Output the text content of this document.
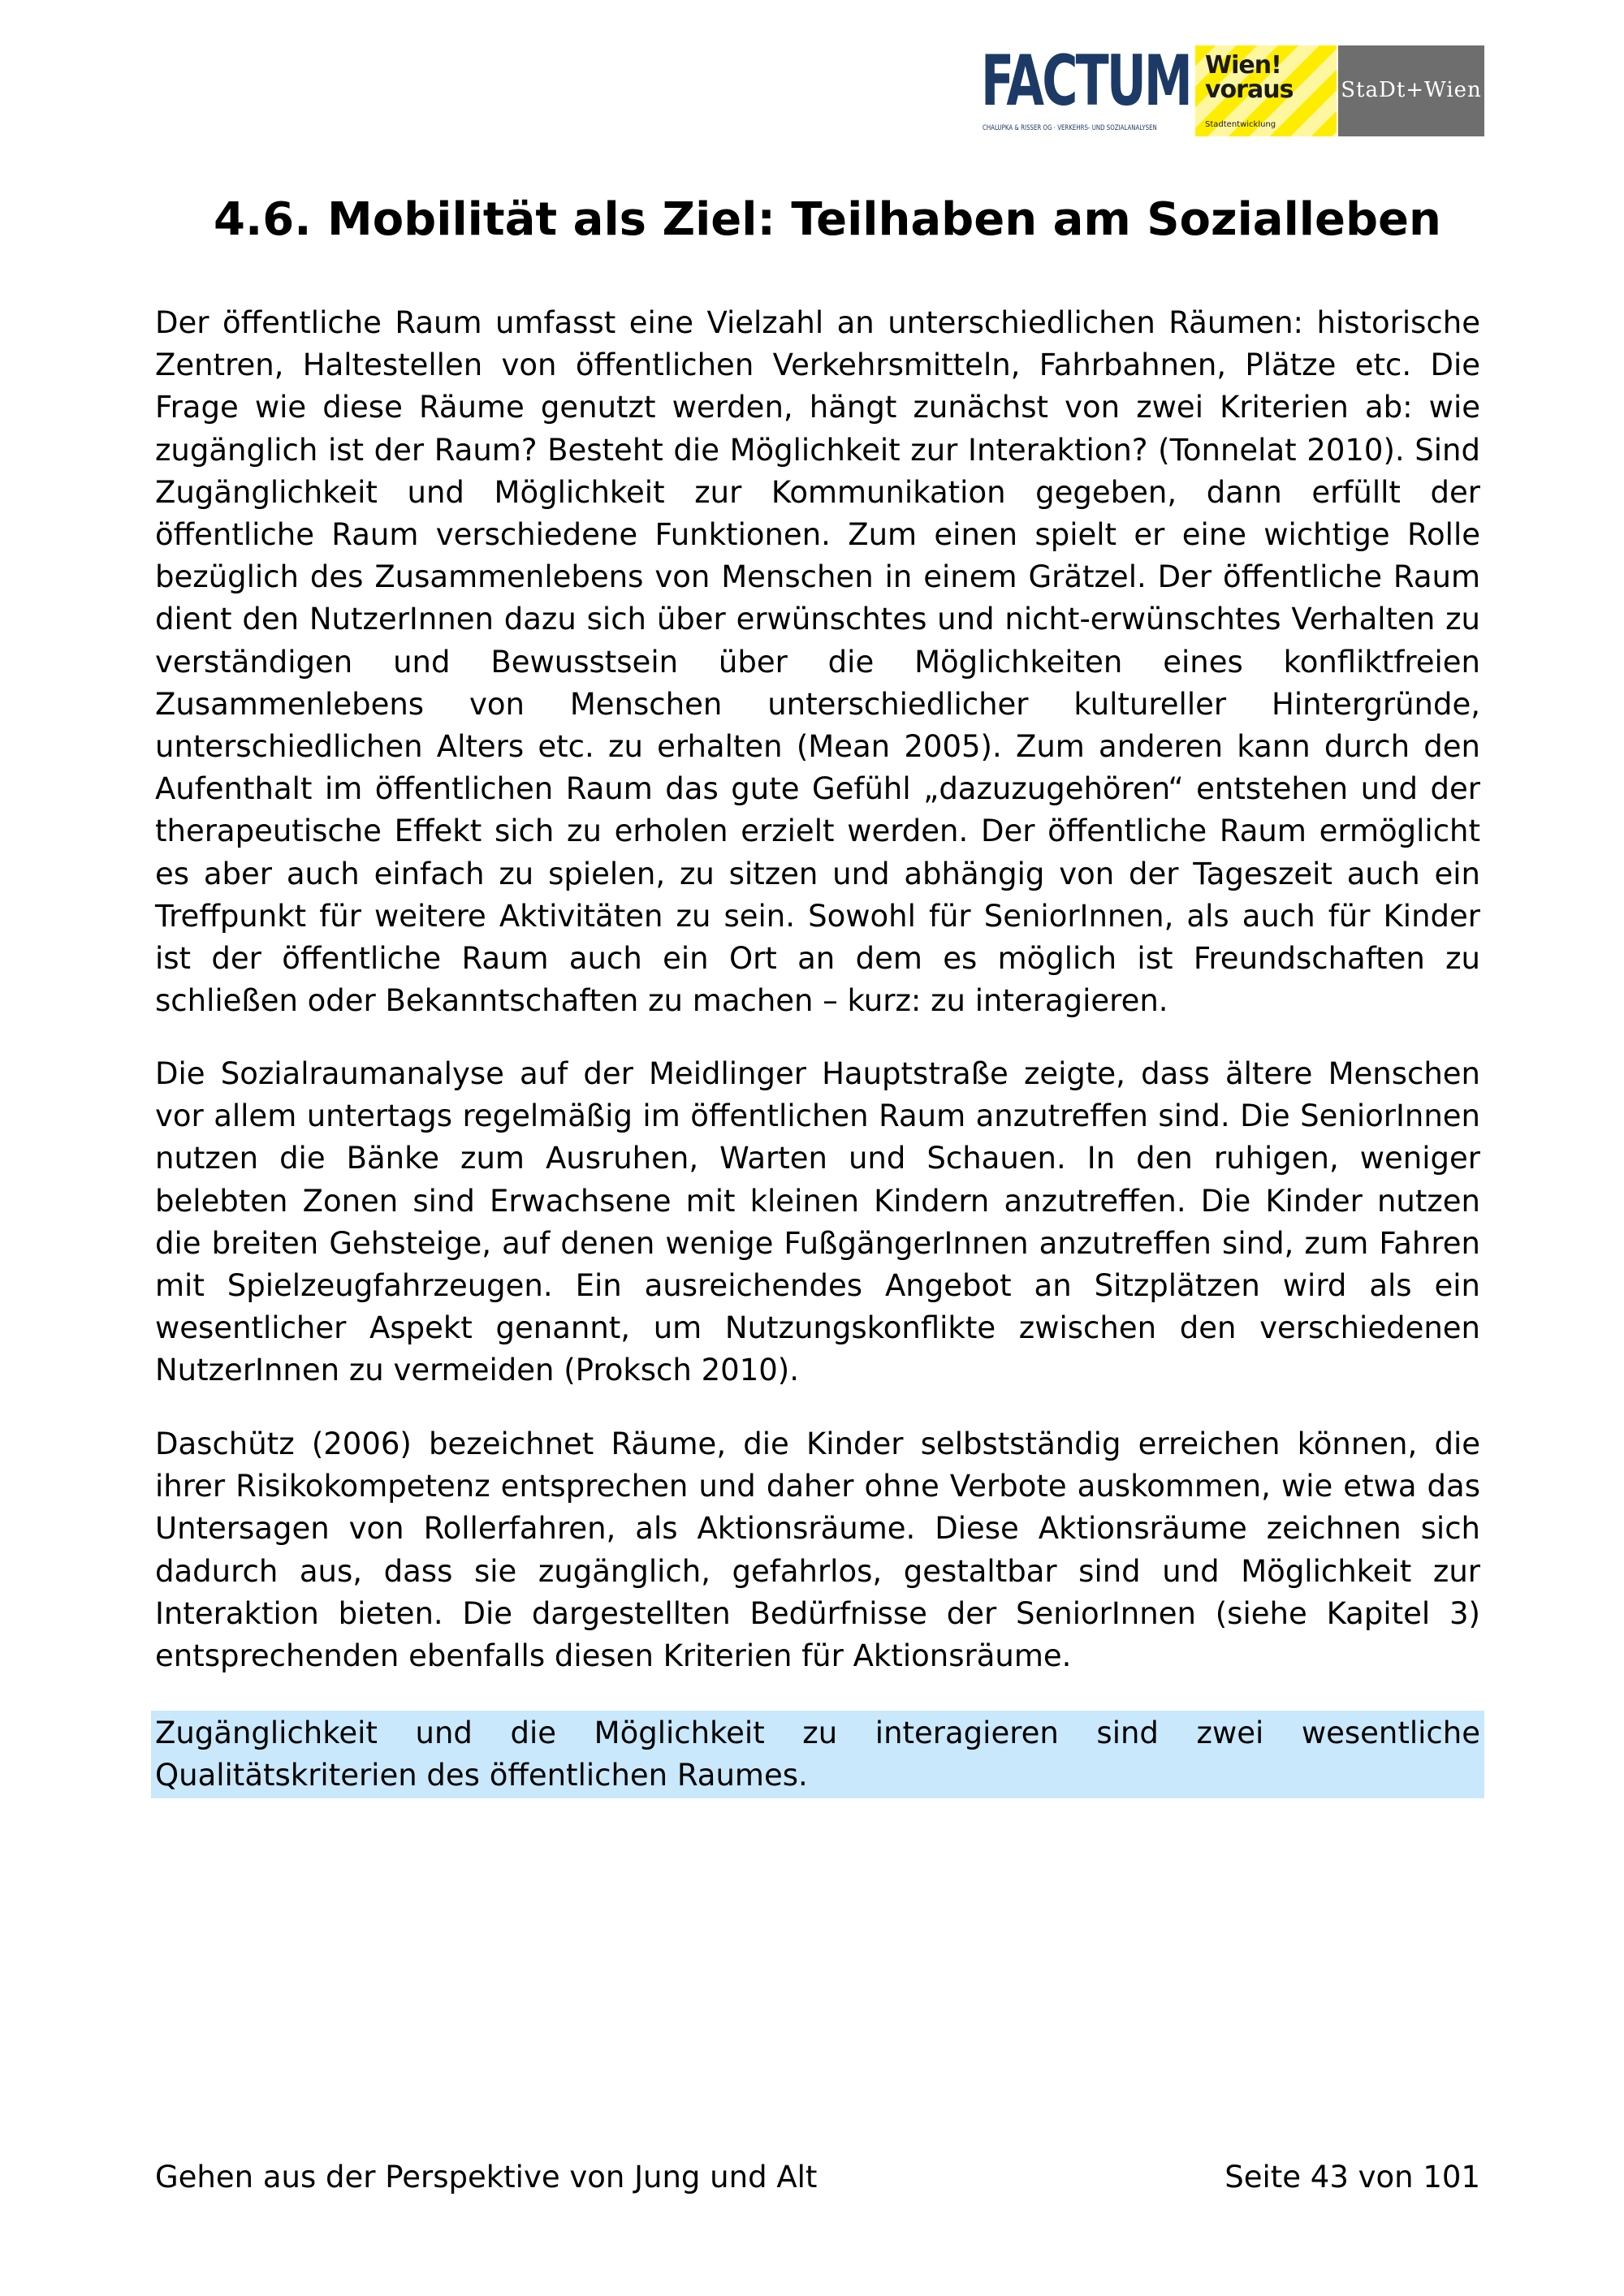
FACTUM
CHALUPKA & RISSER OG · VERKEHRS- UND SOZIALANALYSEN
Wien!
voraus
Stadtentwicklung
StaDt+Wien
4.6. Mobilität als Ziel: Teilhaben am Sozialleben

Der öffentliche Raum umfasst eine Vielzahl an unterschiedlichen Räumen: historische Zentren, Haltestellen von öffentlichen Verkehrsmitteln, Fahrbahnen, Plätze etc. Die Frage wie diese Räume genutzt werden, hängt zunächst von zwei Kriterien ab: wie zugänglich ist der Raum? Besteht die Möglichkeit zur Interaktion? (Tonnelat 2010). Sind Zugänglichkeit und Möglichkeit zur Kommunikation gegeben, dann erfüllt der öffentliche Raum verschiedene Funktionen. Zum einen spielt er eine wichtige Rolle bezüglich des Zusammenlebens von Menschen in einem Grätzel. Der öffentliche Raum dient den NutzerInnen dazu sich über erwünschtes und nicht-erwünschtes Verhalten zu verständigen und Bewusstsein über die Möglichkeiten eines konfliktfreien Zusammenlebens von Menschen unterschiedlicher kultureller Hintergründe, unterschiedlichen Alters etc. zu erhalten (Mean 2005). Zum anderen kann durch den Aufenthalt im öffentlichen Raum das gute Gefühl „dazuzugehören“ entstehen und der therapeutische Effekt sich zu erholen erzielt werden. Der öffentliche Raum ermöglicht es aber auch einfach zu spielen, zu sitzen und abhängig von der Tageszeit auch ein Treffpunkt für weitere Aktivitäten zu sein. Sowohl für SeniorInnen, als auch für Kinder ist der öffentliche Raum auch ein Ort an dem es möglich ist Freundschaften zu schließen oder Bekanntschaften zu machen – kurz: zu interagieren.

Die Sozialraumanalyse auf der Meidlinger Hauptstraße zeigte, dass ältere Menschen vor allem untertags regelmäßig im öffentlichen Raum anzutreffen sind. Die SeniorInnen nutzen die Bänke zum Ausruhen, Warten und Schauen. In den ruhigen, weniger belebten Zonen sind Erwachsene mit kleinen Kindern anzutreffen. Die Kinder nutzen die breiten Gehsteige, auf denen wenige FußgängerInnen anzutreffen sind, zum Fahren mit Spielzeugfahrzeugen. Ein ausreichendes Angebot an Sitzplätzen wird als ein wesentlicher Aspekt genannt, um Nutzungskonflikte zwischen den verschiedenen NutzerInnen zu vermeiden (Proksch 2010).

Daschütz (2006) bezeichnet Räume, die Kinder selbstständig erreichen können, die ihrer Risikokompetenz entsprechen und daher ohne Verbote auskommen, wie etwa das Untersagen von Rollerfahren, als Aktionsräume. Diese Aktionsräume zeichnen sich dadurch aus, dass sie zugänglich, gefahrlos, gestaltbar sind und Möglichkeit zur Interaktion bieten. Die dargestellten Bedürfnisse der SeniorInnen (siehe Kapitel 3) entsprechenden ebenfalls diesen Kriterien für Aktionsräume.

Zugänglichkeit und die Möglichkeit zu interagieren sind zwei wesentliche Qualitätskriterien des öffentlichen Raumes.

Gehen aus der Perspektive von Jung und Alt	Seite 43 von 101
